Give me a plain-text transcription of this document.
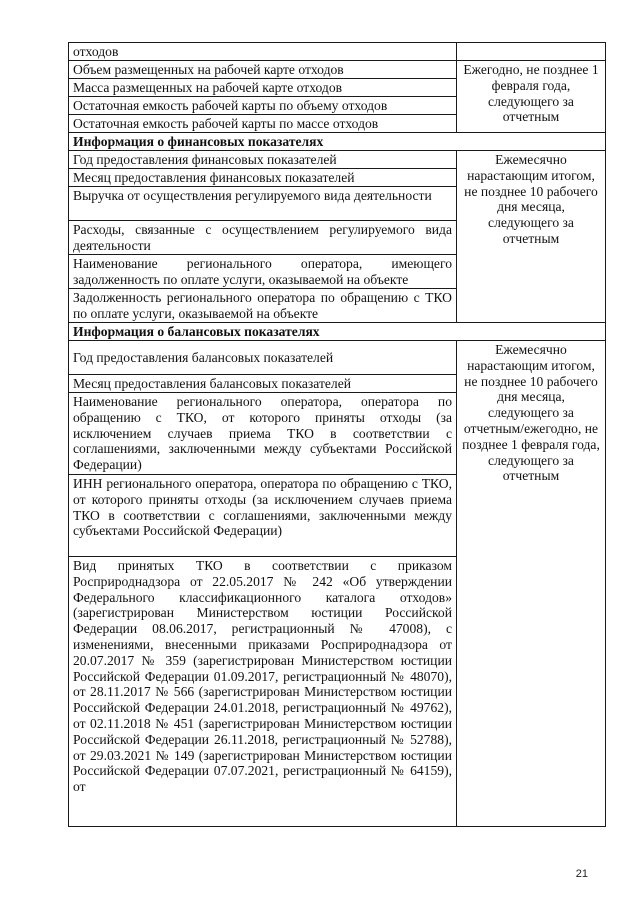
отходов	
Объем размещенных на рабочей карте отходов	Ежегодно, не позднее 1 февраля года, следующего за отчетным
Масса размещенных на рабочей карте отходов	
Остаточная емкость рабочей карты по объему отходов	
Остаточная емкость рабочей карты по массе отходов	
Информация о финансовых показателях	
Год предоставления финансовых показателей	Ежемесячно нарастающим итогом, не позднее 10 рабочего дня месяца, следующего за отчетным
Месяц предоставления финансовых показателей	
Выручка от осуществления регулируемого вида деятельности	
Расходы, связанные с осуществлением регулируемого вида деятельности	
Наименование регионального оператора, имеющего задолженность по оплате услуги, оказываемой на объекте	
Задолженность регионального оператора по обращению с ТКО по оплате услуги, оказываемой на объекте	
Информация о балансовых показателях	
Год предоставления балансовых показателей	Ежемесячно нарастающим итогом, не позднее 10 рабочего дня месяца, следующего за отчетным/ежегодно, не позднее 1 февраля года, следующего за отчетным
Месяц предоставления балансовых показателей	
Наименование регионального оператора, оператора по обращению с ТКО, от которого приняты отходы (за исключением случаев приема ТКО в соответствии с соглашениями, заключенными между субъектами Российской Федерации)	
ИНН регионального оператора, оператора по обращению с ТКО, от которого приняты отходы (за исключением случаев приема ТКО в соответствии с соглашениями, заключенными между субъектами Российской Федерации)	
Вид принятых ТКО в соответствии с приказом Росприроднадзора от 22.05.2017 № 242 «Об утверждении Федерального классификационного каталога отходов» (зарегистрирован Министерством юстиции Российской Федерации 08.06.2017, регистрационный № 47008), с изменениями, внесенными приказами Росприроднадзора от 20.07.2017 № 359 (зарегистрирован Министерством юстиции Российской Федерации 01.09.2017, регистрационный № 48070), от 28.11.2017 № 566 (зарегистрирован Министерством юстиции Российской Федерации 24.01.2018, регистрационный № 49762), от 02.11.2018 № 451 (зарегистрирован Министерством юстиции Российской Федерации 26.11.2018, регистрационный № 52788), от 29.03.2021 № 149 (зарегистрирован Министерством юстиции Российской Федерации 07.07.2021, регистрационный № 64159), от	
21
